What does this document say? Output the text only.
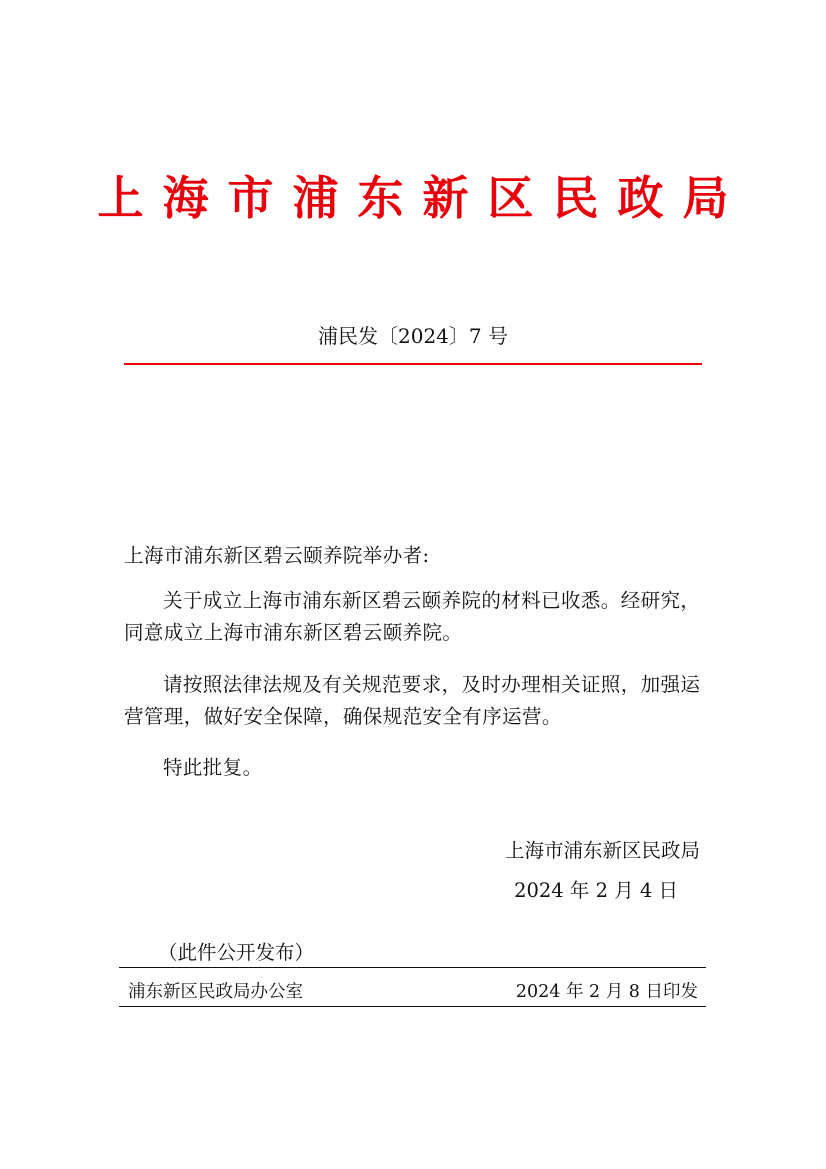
上海市浦东新区民政局
浦民发〔2024〕7 号
上海市浦东新区碧云颐养院举办者:
关于成立上海市浦东新区碧云颐养院的材料已收悉。经研究，同意成立上海市浦东新区碧云颐养院。
请按照法律法规及有关规范要求，及时办理相关证照，加强运营管理，做好安全保障，确保规范安全有序运营。
特此批复。
上海市浦东新区民政局
2024 年 2 月 4 日
（此件公开发布）
浦东新区民政局办公室	2024 年 2 月 8 日印发
